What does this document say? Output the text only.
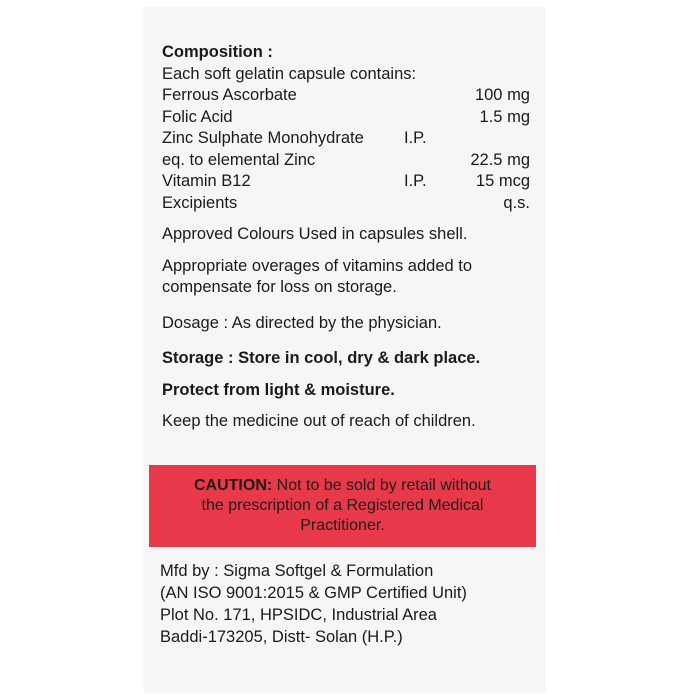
Composition :
Each soft gelatin capsule contains:
Ferrous Ascorbate	100 mg
Folic Acid	1.5 mg
Zinc Sulphate Monohydrate I.P.
eq. to elemental Zinc	22.5 mg
Vitamin B12	I.P.	15 mcg
Excipients	q.s.
Approved Colours Used in capsules shell.
Appropriate overages of vitamins added to
compensate for loss on storage.
Dosage : As directed by the physician.
Storage : Store in cool, dry & dark place.
Protect from light & moisture.
Keep the medicine out of reach of children.
CAUTION: Not to be sold by retail without
the prescription of a Registered Medical
Practitioner.
Mfd by : Sigma Softgel & Formulation
(AN ISO 9001:2015 & GMP Certified Unit)
Plot No. 171, HPSIDC, Industrial Area
Baddi-173205, Distt- Solan (H.P.)
